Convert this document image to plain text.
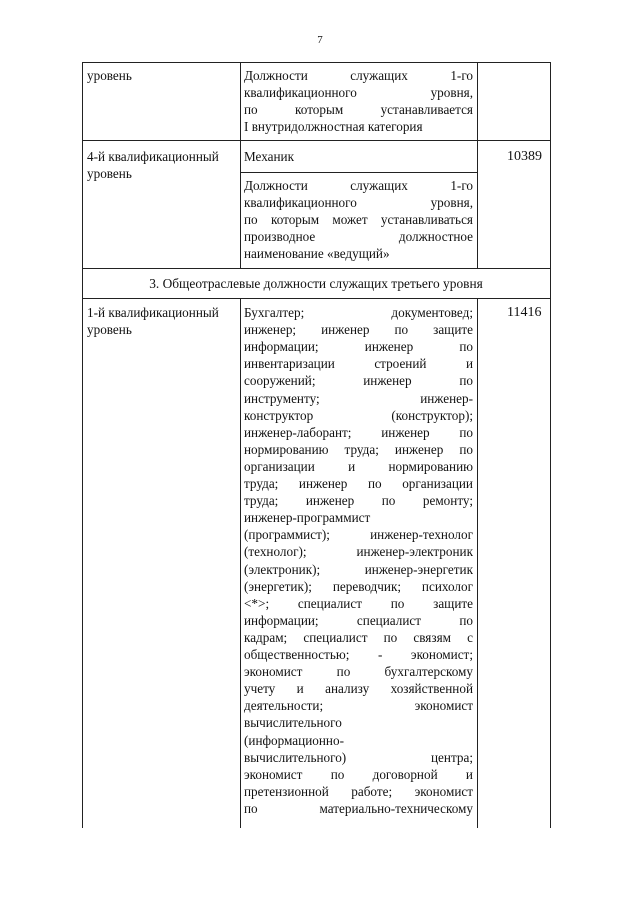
7
уровень	Должности служащих 1-го
квалификационного уровня,
по которым устанавливается
I внутридолжностная категория
4-й квалификационный
уровень
Механик	10389
Должности служащих 1-го
квалификационного уровня,
по которым может устанавливаться
производное должностное
наименование «ведущий»
3. Общеотраслевые должности служащих третьего уровня
1-й квалификационный
уровень
11416
Бухгалтер; документовед;
инженер; инженер по защите
информации; инженер по
инвентаризации строений и
сооружений; инженер по
инструменту; инженер-
конструктор (конструктор);
инженер-лаборант; инженер по
нормированию труда; инженер по
организации и нормированию
труда; инженер по организации
труда; инженер по ремонту;
инженер-программист
(программист); инженер-технолог
(технолог); инженер-электроник
(электроник); инженер-энергетик
(энергетик); переводчик; психолог
<*>; специалист по защите
информации; специалист по
кадрам; специалист по связям с
общественностью; - экономист;
экономист по бухгалтерскому
учету и анализу хозяйственной
деятельности; экономист
вычислительного
(информационно-
вычислительного) центра;
экономист по договорной и
претензионной работе; экономист
по материально-техническому
